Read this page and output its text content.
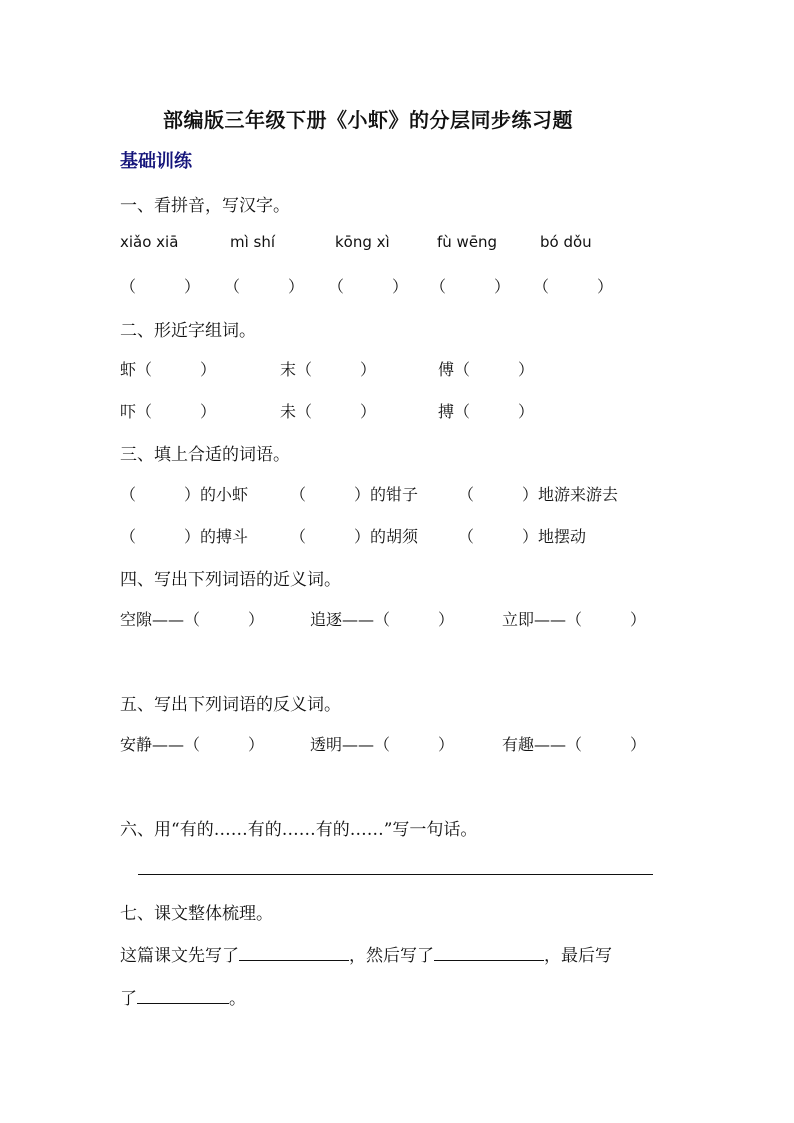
部编版三年级下册《小虾》的分层同步练习题
基础训练
一、看拼音，写汉字。
xiǎo xiā	mì shí	kōng xì	fù wēng	bó dǒu
（　　　） （　　　） （　　　） （　　　） （　　　）
二、形近字组词。
虾（　　　）	末（　　　）	傅（　　　）
吓（　　　）	未（　　　）	搏（　　　）
三、填上合适的词语。
（　　　）的小虾	（　　　）的钳子 （　　　）地游来游去
（　　　）的搏斗	（　　　）的胡须 （　　　）地摆动
四、写出下列词语的近义词。
空隙——（　　　）	追逐——（　　　）	立即——（　　　）
五、写出下列词语的反义词。
安静——（　　　）	透明——（　　　）	有趣——（　　　）
六、用“有的……有的……有的……”写一句话。
七、课文整体梳理。
这篇课文先写了	，然后写了	，最后写
了	。
